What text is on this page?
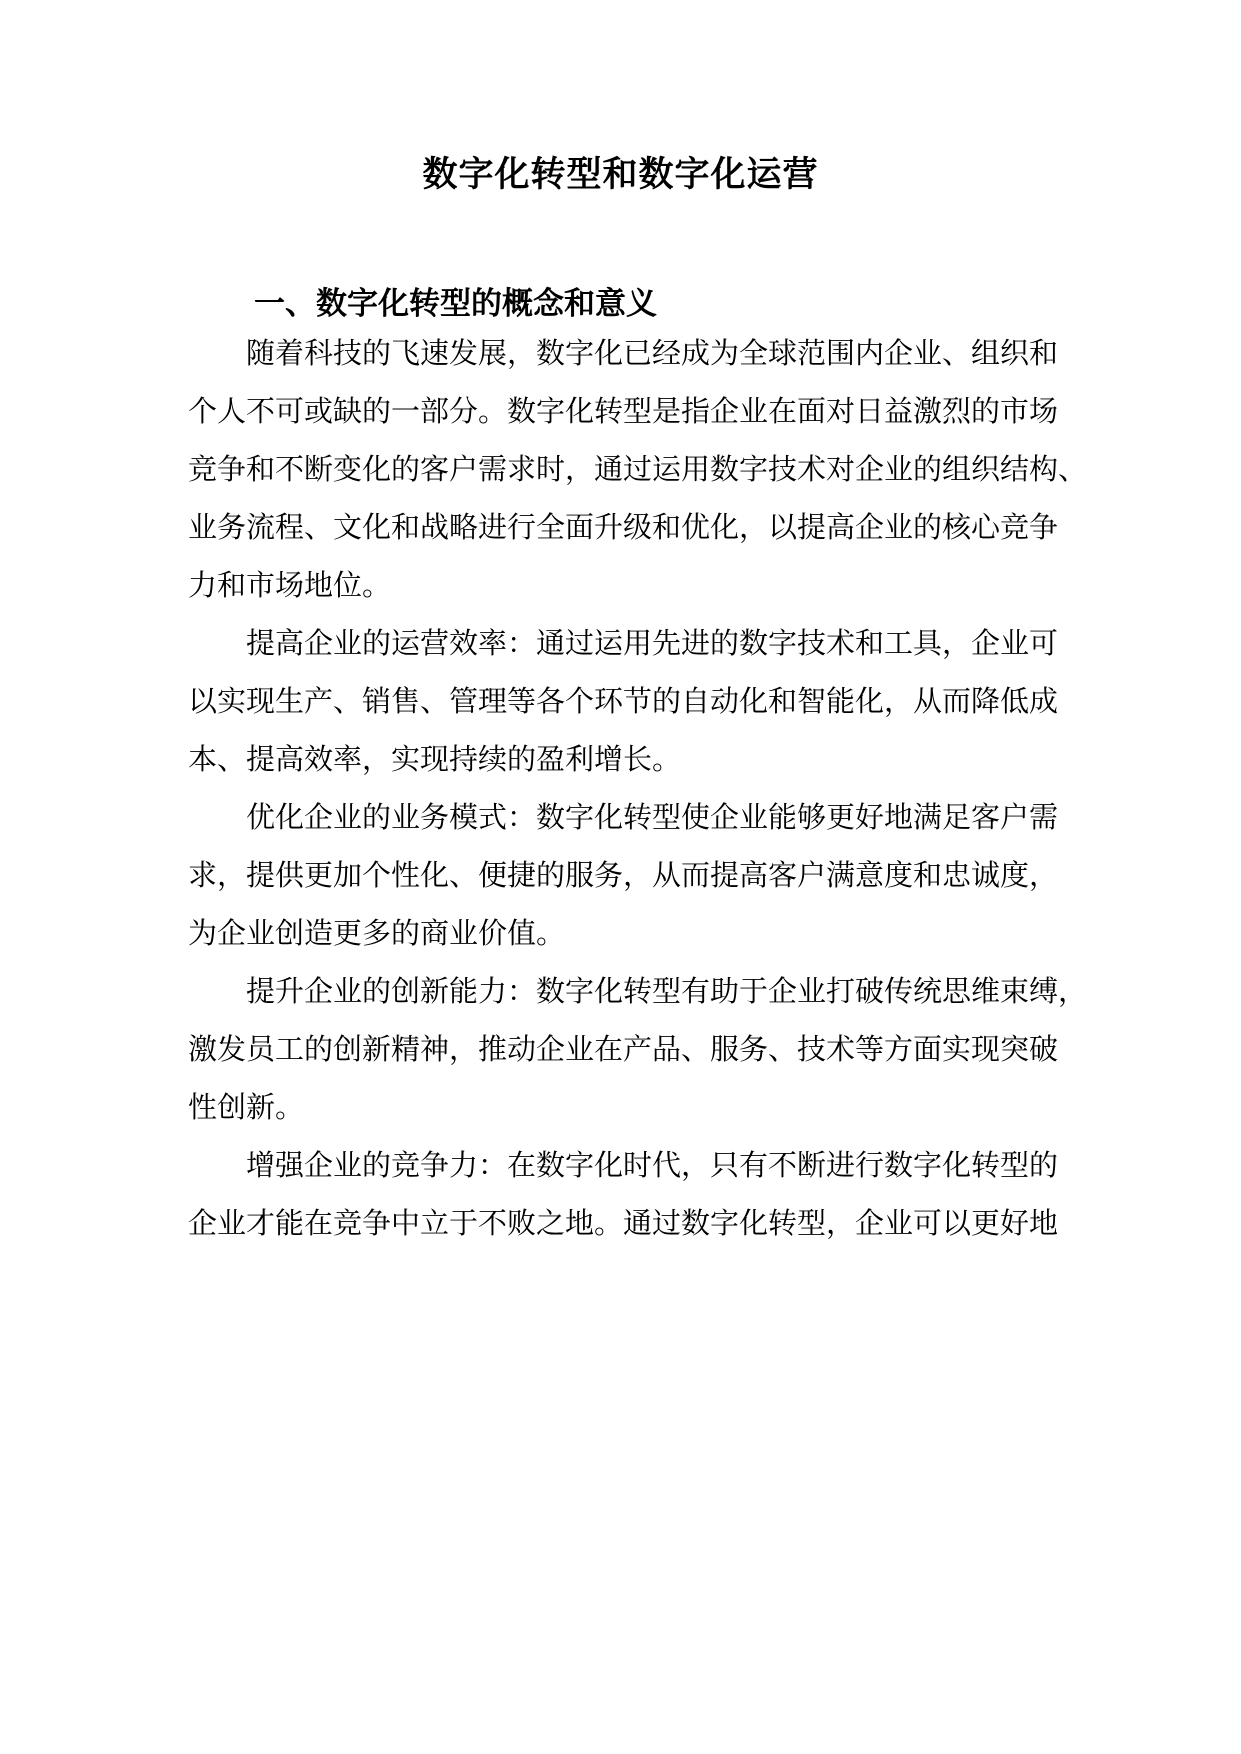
数字化转型和数字化运营
一、数字化转型的概念和意义
随着科技的飞速发展，数字化已经成为全球范围内企业、组织和
个人不可或缺的一部分。数字化转型是指企业在面对日益激烈的市场
竞争和不断变化的客户需求时，通过运用数字技术对企业的组织结构、
业务流程、文化和战略进行全面升级和优化，以提高企业的核心竞争
力和市场地位。
提高企业的运营效率：通过运用先进的数字技术和工具，企业可
以实现生产、销售、管理等各个环节的自动化和智能化，从而降低成
本、提高效率，实现持续的盈利增长。
优化企业的业务模式：数字化转型使企业能够更好地满足客户需
求，提供更加个性化、便捷的服务，从而提高客户满意度和忠诚度，
为企业创造更多的商业价值。
提升企业的创新能力：数字化转型有助于企业打破传统思维束缚，
激发员工的创新精神，推动企业在产品、服务、技术等方面实现突破
性创新。
增强企业的竞争力：在数字化时代，只有不断进行数字化转型的
企业才能在竞争中立于不败之地。通过数字化转型，企业可以更好地
